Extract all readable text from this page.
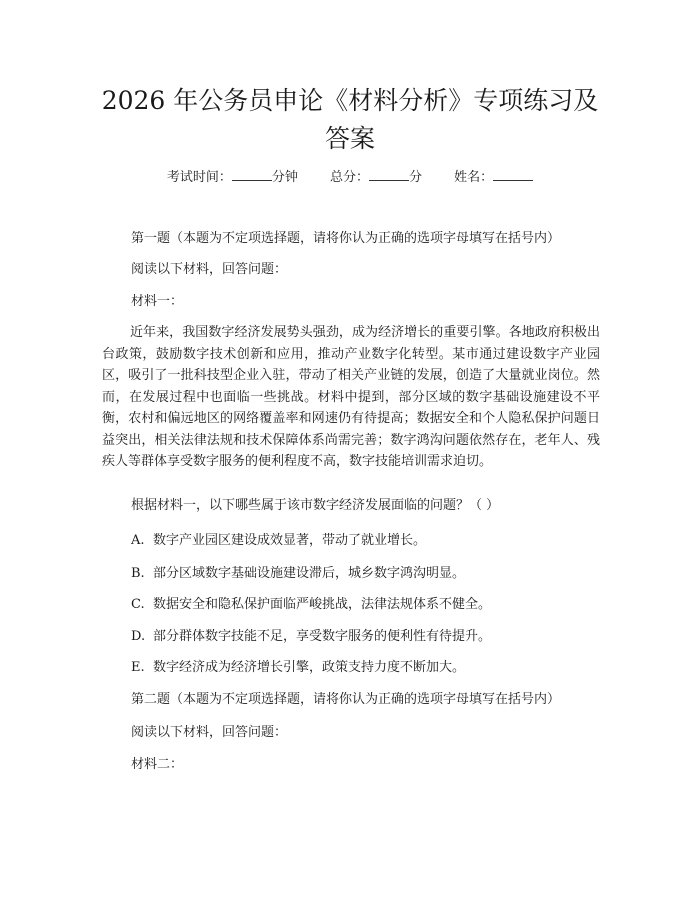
2026 年公务员申论《材料分析》专项练习及
答案
考试时间：	分钟 总分：	分 姓名：

第一题（本题为不定项选择题，请将你认为正确的选项字母填写在括号内）

阅读以下材料，回答问题：

材料一：

近年来，我国数字经济发展势头强劲，成为经济增长的重要引擎。各地政府积极出台政策，鼓励数字技术创新和应用，推动产业数字化转型。某市通过建设数字产业园区，吸引了一批科技型企业入驻，带动了相关产业链的发展，创造了大量就业岗位。然而，在发展过程中也面临一些挑战。材料中提到，部分区域的数字基础设施建设不平衡，农村和偏远地区的网络覆盖率和网速仍有待提高；数据安全和个人隐私保护问题日益突出，相关法律法规和技术保障体系尚需完善；数字鸿沟问题依然存在，老年人、残疾人等群体享受数字服务的便利程度不高，数字技能培训需求迫切。

根据材料一，以下哪些属于该市数字经济发展面临的问题？（ ）

A. 数字产业园区建设成效显著，带动了就业增长。

B. 部分区域数字基础设施建设滞后，城乡数字鸿沟明显。

C. 数据安全和隐私保护面临严峻挑战，法律法规体系不健全。

D. 部分群体数字技能不足，享受数字服务的便利性有待提升。

E. 数字经济成为经济增长引擎，政策支持力度不断加大。

第二题（本题为不定项选择题，请将你认为正确的选项字母填写在括号内）

阅读以下材料，回答问题：

材料二：
